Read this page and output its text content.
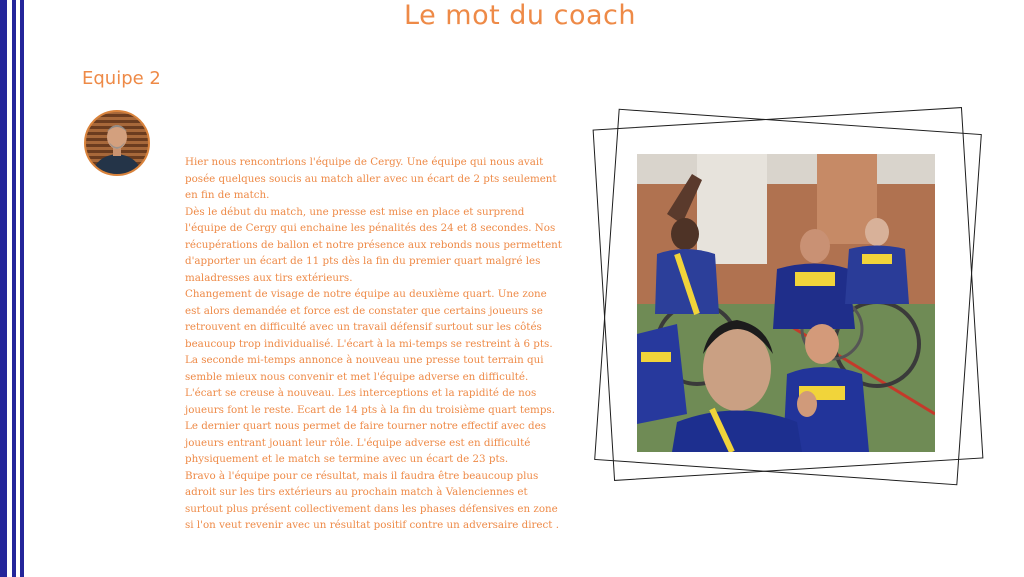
Le mot du coach
Equipe 2

Hier nous rencontrions l'équipe de Cergy. Une équipe qui nous avait posée quelques soucis au match aller avec un écart de 2 pts seulement en fin de match.

Dès le début du match, une presse est mise en place et surprend l'équipe de Cergy qui enchaine les pénalités des 24 et 8 secondes. Nos récupérations de ballon et notre présence aux rebonds nous permettent d'apporter un écart de 11 pts dès la fin du premier quart malgré les maladresses aux tirs extérieurs.

Changement de visage de notre équipe au deuxième quart. Une zone est alors demandée et force est de constater que certains joueurs se retrouvent en difficulté avec un travail défensif surtout sur les côtés beaucoup trop individualisé. L'écart à la mi-temps se restreint à 6 pts.

La seconde mi-temps annonce à nouveau une presse tout terrain qui semble mieux nous convenir et met l'équipe adverse en difficulté. L'écart se creuse à nouveau. Les interceptions et la rapidité de nos joueurs font le reste. Ecart de 14 pts à la fin du troisième quart temps.

Le dernier quart nous permet de faire tourner notre effectif avec des joueurs entrant jouant leur rôle. L'équipe adverse est en difficulté physiquement et le match se termine avec un écart de 23 pts.

Bravo à l'équipe pour ce résultat, mais il faudra être beaucoup plus adroit sur les tirs extérieurs au prochain match à Valenciennes et surtout plus présent collectivement dans les phases défensives en zone si l'on veut revenir avec un résultat positif contre un adversaire direct .
